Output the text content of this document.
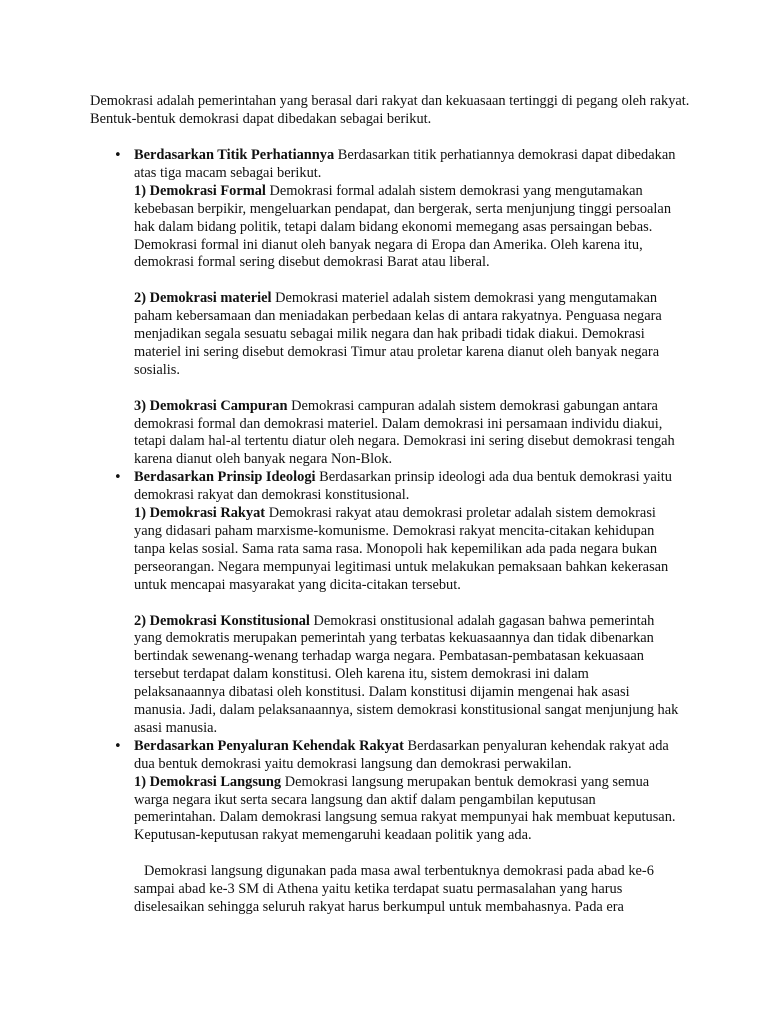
Demokrasi adalah pemerintahan yang berasal dari rakyat dan kekuasaan tertinggi di pegang oleh rakyat. Bentuk-bentuk demokrasi dapat dibedakan sebagai berikut.

• Berdasarkan Titik Perhatiannya Berdasarkan titik perhatiannya demokrasi dapat dibedakan atas tiga macam sebagai berikut.
1) Demokrasi Formal Demokrasi formal adalah sistem demokrasi yang mengutamakan kebebasan berpikir, mengeluarkan pendapat, dan bergerak, serta menjunjung tinggi persoalan hak dalam bidang politik, tetapi dalam bidang ekonomi memegang asas persaingan bebas. Demokrasi formal ini dianut oleh banyak negara di Eropa dan Amerika. Oleh karena itu, demokrasi formal sering disebut demokrasi Barat atau liberal.
2) Demokrasi materiel Demokrasi materiel adalah sistem demokrasi yang mengutamakan paham kebersamaan dan meniadakan perbedaan kelas di antara rakyatnya. Penguasa negara menjadikan segala sesuatu sebagai milik negara dan hak pribadi tidak diakui. Demokrasi materiel ini sering disebut demokrasi Timur atau proletar karena dianut oleh banyak negara sosialis.
3) Demokrasi Campuran Demokrasi campuran adalah sistem demokrasi gabungan antara demokrasi formal dan demokrasi materiel. Dalam demokrasi ini persamaan individu diakui, tetapi dalam hal-al tertentu diatur oleh negara. Demokrasi ini sering disebut demokrasi tengah karena dianut oleh banyak negara Non-Blok.
• Berdasarkan Prinsip Ideologi Berdasarkan prinsip ideologi ada dua bentuk demokrasi yaitu demokrasi rakyat dan demokrasi konstitusional.
1) Demokrasi Rakyat Demokrasi rakyat atau demokrasi proletar adalah sistem demokrasi yang didasari paham marxisme-komunisme. Demokrasi rakyat mencita-citakan kehidupan tanpa kelas sosial. Sama rata sama rasa. Monopoli hak kepemilikan ada pada negara bukan perseorangan. Negara mempunyai legitimasi untuk melakukan pemaksaan bahkan kekerasan untuk mencapai masyarakat yang dicita-citakan tersebut.
2) Demokrasi Konstitusional Demokrasi onstitusional adalah gagasan bahwa pemerintah yang demokratis merupakan pemerintah yang terbatas kekuasaannya dan tidak dibenarkan bertindak sewenang-wenang terhadap warga negara. Pembatasan-pembatasan kekuasaan tersebut terdapat dalam konstitusi. Oleh karena itu, sistem demokrasi ini dalam pelaksanaannya dibatasi oleh konstitusi. Dalam konstitusi dijamin mengenai hak asasi manusia. Jadi, dalam pelaksanaannya, sistem demokrasi konstitusional sangat menjunjung hak asasi manusia.
• Berdasarkan Penyaluran Kehendak Rakyat Berdasarkan penyaluran kehendak rakyat ada dua bentuk demokrasi yaitu demokrasi langsung dan demokrasi perwakilan.
1) Demokrasi Langsung Demokrasi langsung merupakan bentuk demokrasi yang semua warga negara ikut serta secara langsung dan aktif dalam pengambilan keputusan pemerintahan. Dalam demokrasi langsung semua rakyat mempunyai hak membuat keputusan. Keputusan-keputusan rakyat memengaruhi keadaan politik yang ada.
Demokrasi langsung digunakan pada masa awal terbentuknya demokrasi pada abad ke-6 sampai abad ke-3 SM di Athena yaitu ketika terdapat suatu permasalahan yang harus diselesaikan sehingga seluruh rakyat harus berkumpul untuk membahasnya. Pada era
